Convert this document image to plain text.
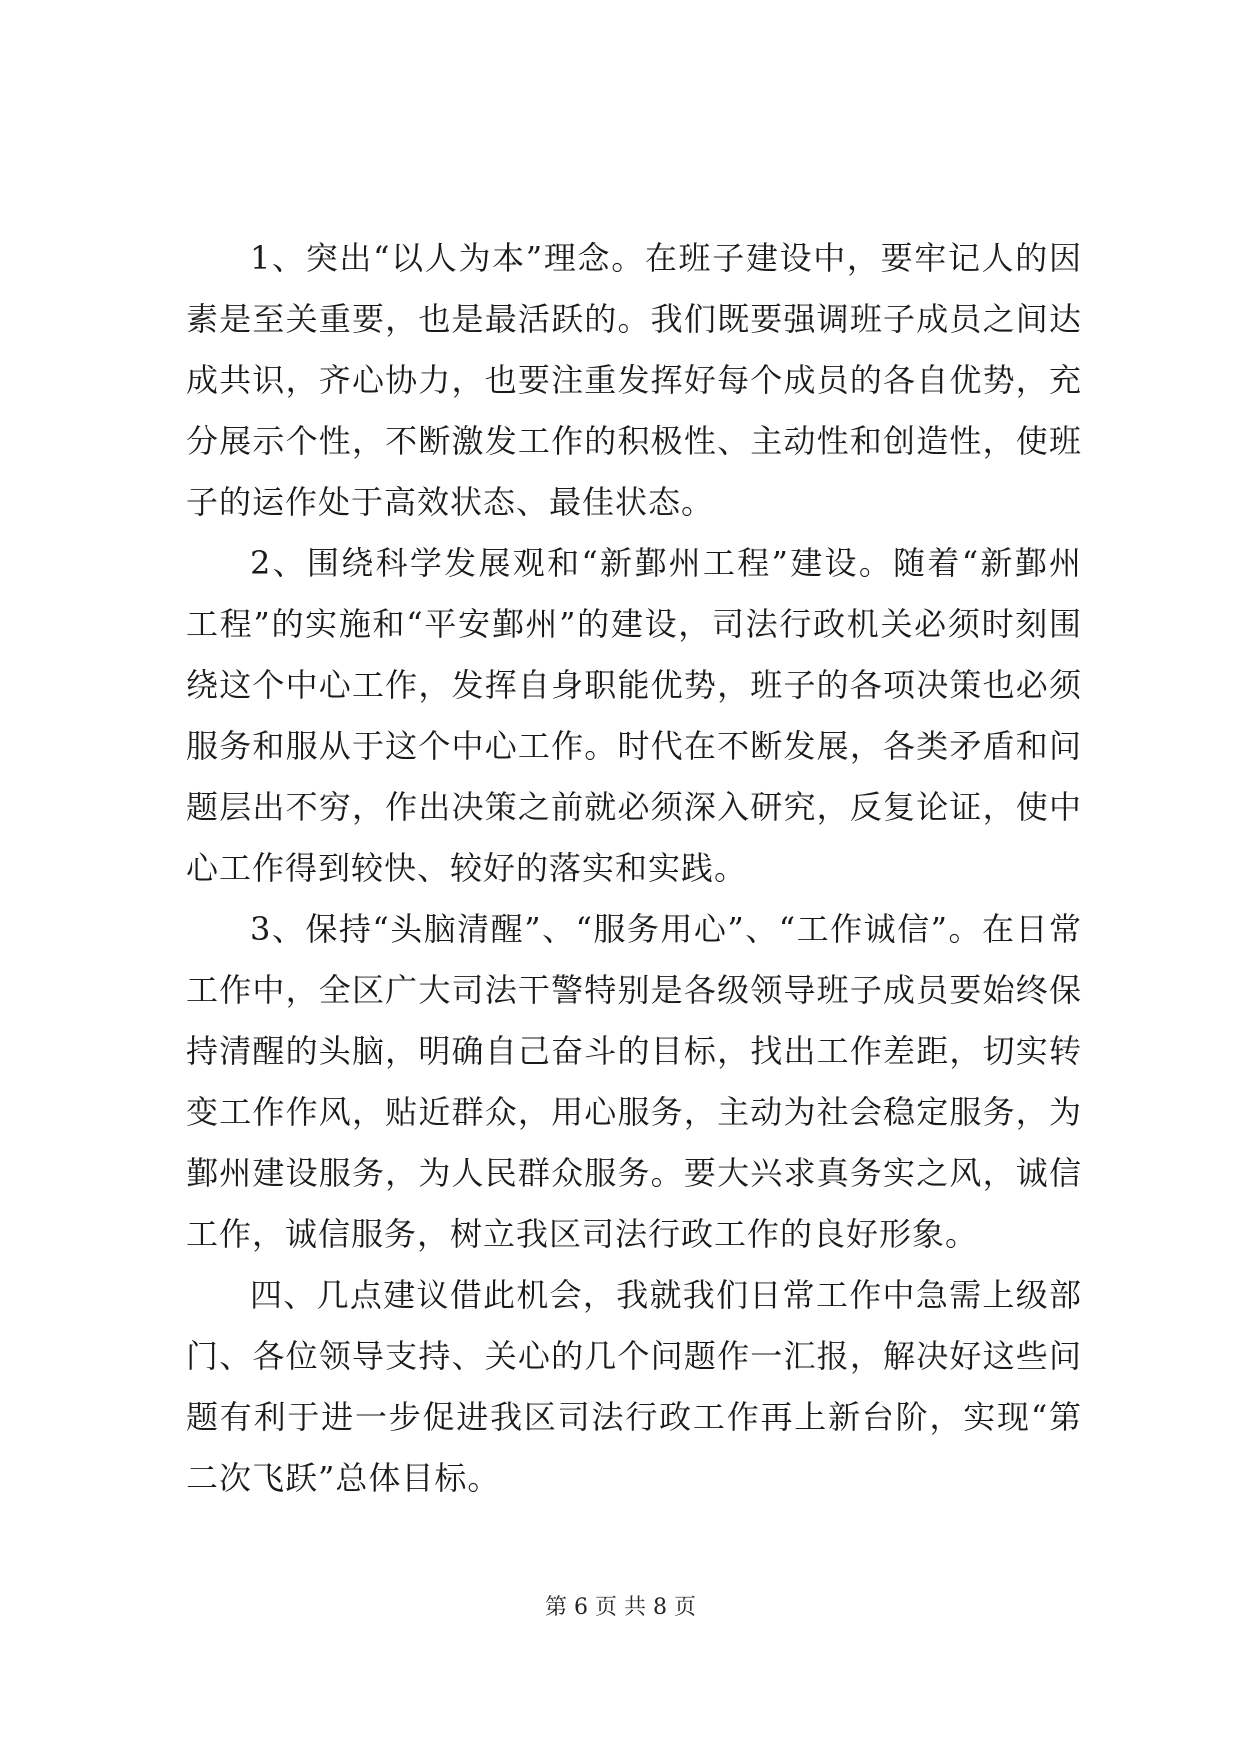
1、突出“以人为本”理念。在班子建设中，要牢记人的因素是至关重要，也是最活跃的。我们既要强调班子成员之间达成共识，齐心协力，也要注重发挥好每个成员的各自优势，充分展示个性，不断激发工作的积极性、主动性和创造性，使班子的运作处于高效状态、最佳状态。

2、围绕科学发展观和“新鄞州工程”建设。随着“新鄞州工程”的实施和“平安鄞州”的建设，司法行政机关必须时刻围绕这个中心工作，发挥自身职能优势，班子的各项决策也必须服务和服从于这个中心工作。时代在不断发展，各类矛盾和问题层出不穷，作出决策之前就必须深入研究，反复论证，使中心工作得到较快、较好的落实和实践。

3、保持“头脑清醒”、“服务用心”、“工作诚信”。在日常工作中，全区广大司法干警特别是各级领导班子成员要始终保持清醒的头脑，明确自己奋斗的目标，找出工作差距，切实转变工作作风，贴近群众，用心服务，主动为社会稳定服务，为鄞州建设服务，为人民群众服务。要大兴求真务实之风，诚信工作，诚信服务，树立我区司法行政工作的良好形象。

四、几点建议借此机会，我就我们日常工作中急需上级部门、各位领导支持、关心的几个问题作一汇报，解决好这些问题有利于进一步促进我区司法行政工作再上新台阶，实现“第二次飞跃”总体目标。

第 6 页 共 8 页
